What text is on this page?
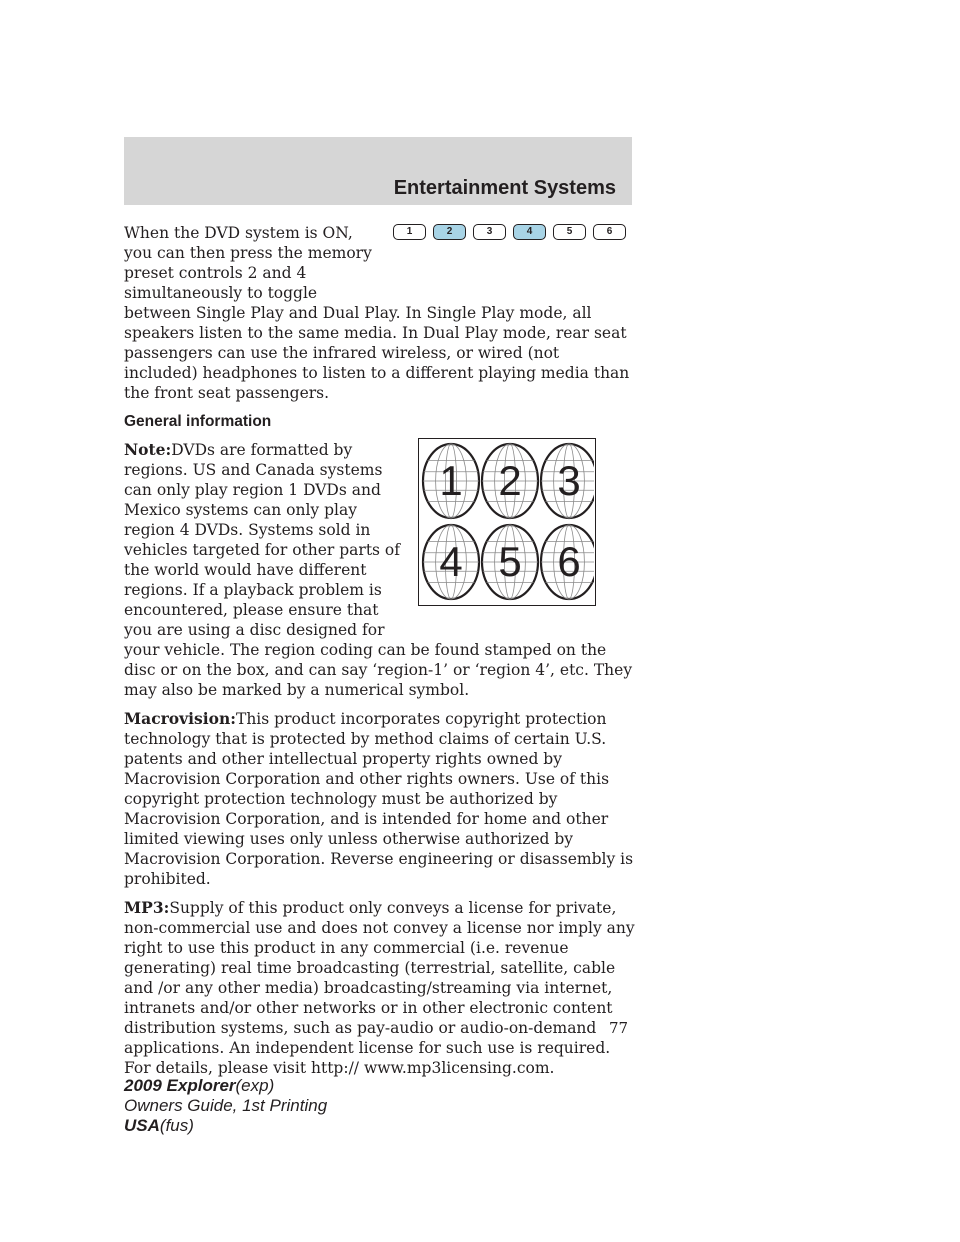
Entertainment Systems
1	2	3	4	5	6

When the DVD system is ON, you can then press the memory preset controls 2 and 4 simultaneously to toggle between Single Play and Dual Play. In Single Play mode, all speakers listen to the same media. In Dual Play mode, rear seat passengers can use the infrared wireless, or wired (not included) headphones to listen to a different playing media than the front seat passengers.

General information
1 2 3
4 5 6

Note:DVDs are formatted by regions. US and Canada systems can only play region 1 DVDs and Mexico systems can only play region 4 DVDs. Systems sold in vehicles targeted for other parts of the world would have different regions. If a playback problem is encountered, please ensure that you are using a disc designed for your vehicle. The region coding can be found stamped on the disc or on the box, and can say ‘region-1’ or ‘region 4’, etc. They may also be marked by a numerical symbol.

Macrovision:This product incorporates copyright protection technology that is protected by method claims of certain U.S. patents and other intellectual property rights owned by Macrovision Corporation and other rights owners. Use of this copyright protection technology must be authorized by Macrovision Corporation, and is intended for home and other limited viewing uses only unless otherwise authorized by Macrovision Corporation. Reverse engineering or disassembly is prohibited.

MP3:Supply of this product only conveys a license for private, non-commercial use and does not convey a license nor imply any right to use this product in any commercial (i.e. revenue generating) real time broadcasting (terrestrial, satellite, cable and /or any other media) broadcasting/streaming via internet, intranets and/or other networks or in other electronic content distribution systems, such as pay-audio or audio-on-demand applications. An independent license for such use is required. For details, please visit http:// www.mp3licensing.com.

77
2009 Explorer(exp)
Owners Guide, 1st Printing
USA(fus)
